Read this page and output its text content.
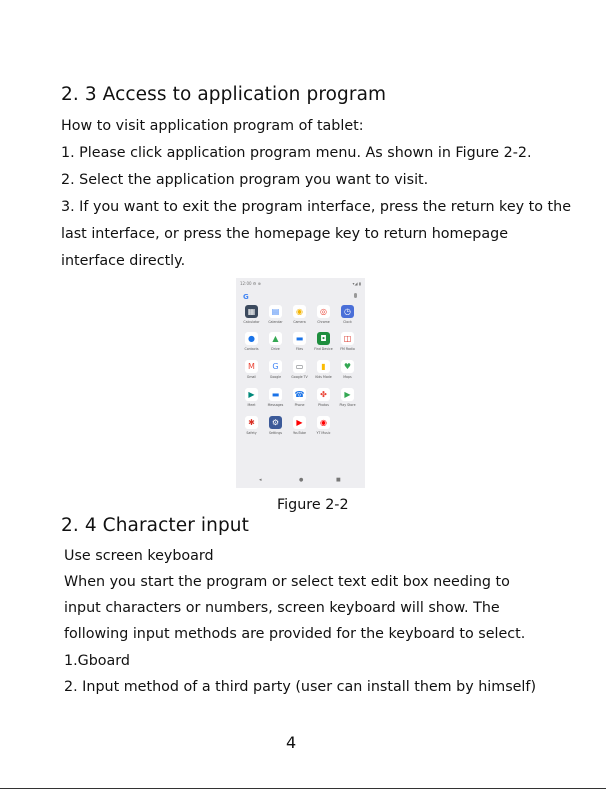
2. 3 Access to application program
How to visit application program of tablet:
1. Please click application program menu. As shown in Figure 2-2.
2. Select the application program you want to visit.
3. If you want to exit the program interface, press the return key to the
last interface, or press the homepage key to return homepage
interface directly.
12:00 ⚙ ⊕	▾◢ ▮
G
▦
Calculator
▤
Calendar
◉
Camera
◎
Chrome
◷
Clock
●
Contacts
▲
Drive
▬
Files
◘
Find Device
◫
FM Radio
M
Gmail
G
Google
▭
Google TV
▮
Kids Mode
♥
Maps
▶
Meet
▬
Messages
☎
Phone
✤
Photos
▶
Play Store
✱
Safety
⚙
Settings
▶
YouTube
◉
YT Music
◂	●	■
Figure 2-2
2. 4 Character input
Use screen keyboard
When you start the program or select text edit box needing to
input characters or numbers, screen keyboard will show. The
following input methods are provided for the keyboard to select.
1.Gboard
2. Input method of a third party (user can install them by himself)
4
